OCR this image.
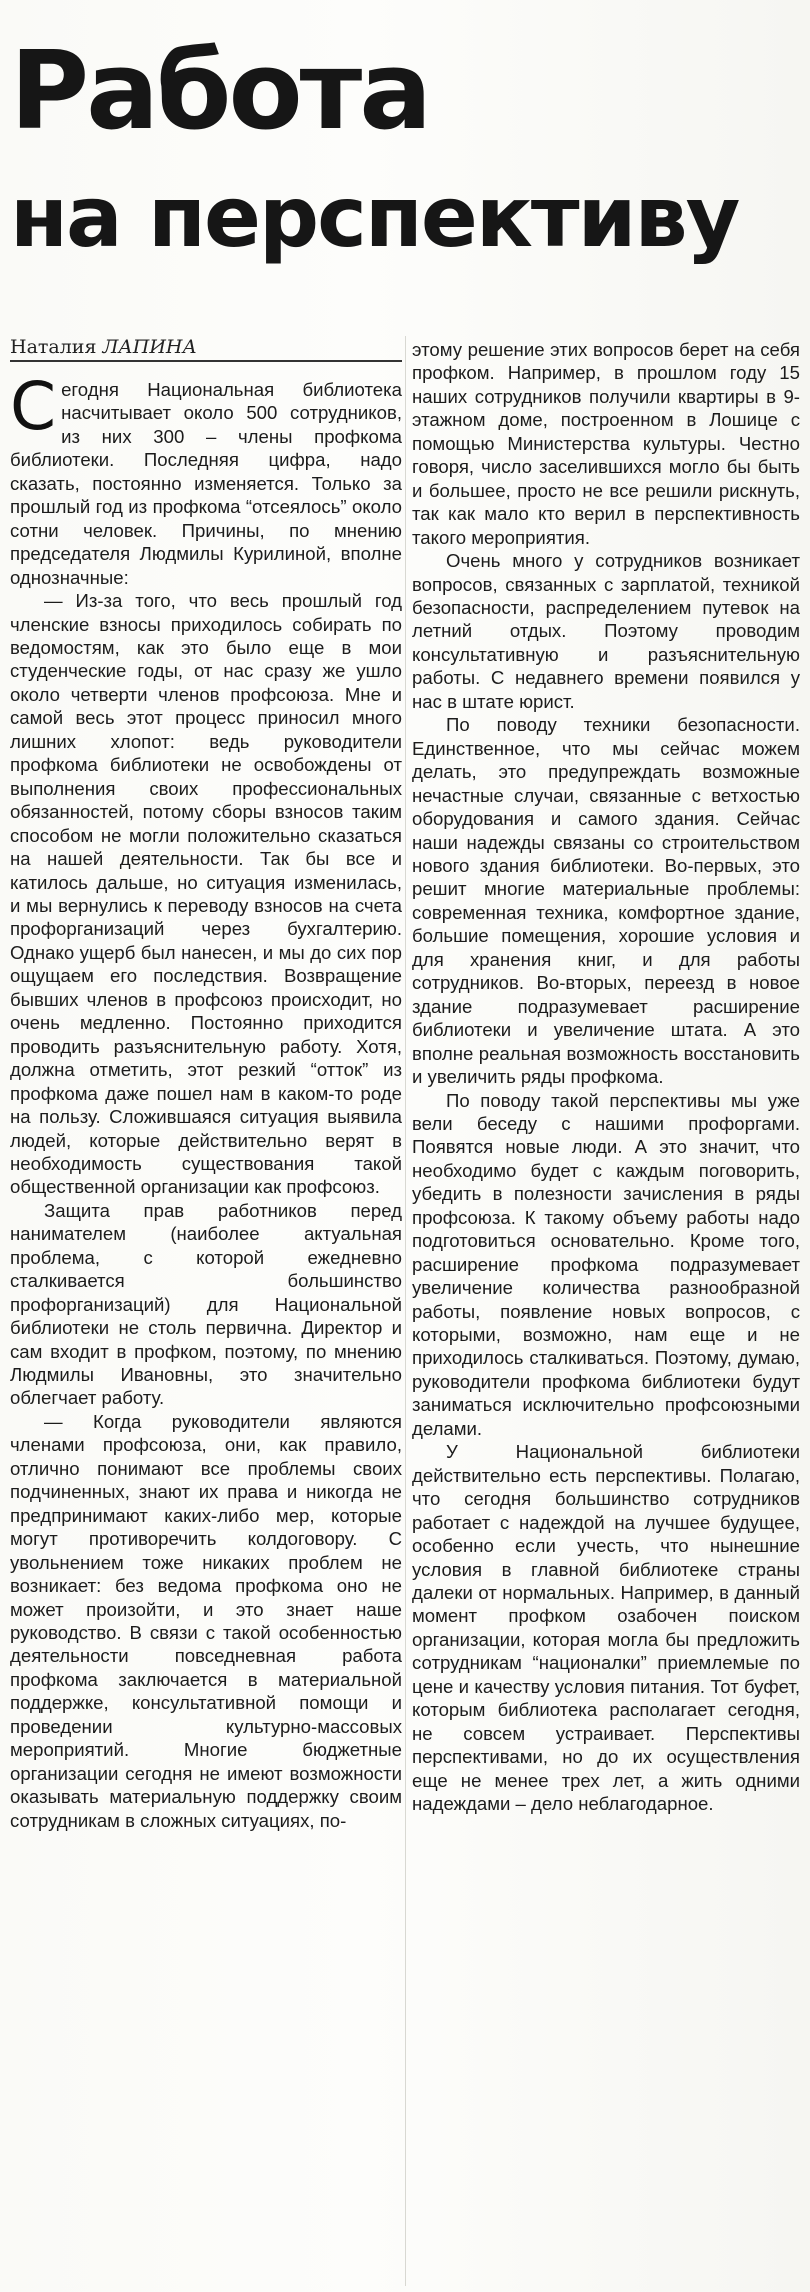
Работа
на перспективу
Наталия ЛАПИНА

Сегодня Национальная библиотека насчитывает около 500 сотрудников, из них 300 – члены профкома библиотеки. Последняя цифра, надо сказать, постоянно изменяется. Только за прошлый год из профкома “отсеялось” около сотни человек. Причины, по мнению председателя Людмилы Курилиной, вполне однозначные:

— Из-за того, что весь прошлый год членские взносы приходилось собирать по ведомостям, как это было еще в мои студенческие годы, от нас сразу же ушло около четверти членов профсоюза. Мне и самой весь этот процесс приносил много лишних хлопот: ведь руководители профкома библиотеки не освобождены от выполнения своих профессиональных обязанностей, потому сборы взносов таким способом не могли положительно сказаться на нашей деятельности. Так бы все и катилось дальше, но ситуация изменилась, и мы вернулись к переводу взносов на счета профорганизаций через бухгалтерию. Однако ущерб был нанесен, и мы до сих пор ощущаем его последствия. Возвращение бывших членов в профсоюз происходит, но очень медленно. Постоянно приходится проводить разъяснительную работу. Хотя, должна отметить, этот резкий “отток” из профкома даже пошел нам в каком-то роде на пользу. Сложившаяся ситуация выявила людей, которые действительно верят в необходимость существования такой общественной организации как профсоюз.

Защита прав работников перед нанимателем (наиболее актуальная проблема, с которой ежедневно сталкивается большинство профорганизаций) для Национальной библиотеки не столь первична. Директор и сам входит в профком, поэтому, по мнению Людмилы Ивановны, это значительно облегчает работу.

— Когда руководители являются членами профсоюза, они, как правило, отлично понимают все проблемы своих подчиненных, знают их права и никогда не предпринимают каких-либо мер, которые могут противоречить колдоговору. С увольнением тоже никаких проблем не возникает: без ведома профкома оно не может произойти, и это знает наше руководство. В связи с такой особенностью деятельности повседневная работа профкома заключается в материальной поддержке, консультативной помощи и проведении культурно-массовых мероприятий. Многие бюджетные организации сегодня не имеют возможности оказывать материальную поддержку своим сотрудникам в сложных ситуациях, по-

этому решение этих вопросов берет на себя профком. Например, в прошлом году 15 наших сотрудников получили квартиры в 9-этажном доме, построенном в Лошице с помощью Министерства культуры. Честно говоря, число заселившихся могло бы быть и большее, просто не все решили рискнуть, так как мало кто верил в перспективность такого мероприятия.

Очень много у сотрудников возникает вопросов, связанных с зарплатой, техникой безопасности, распределением путевок на летний отдых. Поэтому проводим консультативную и разъяснительную работы. С недавнего времени появился у нас в штате юрист.

По поводу техники безопасности. Единственное, что мы сейчас можем делать, это предупреждать возможные нечастные случаи, связанные с ветхостью оборудования и самого здания. Сейчас наши надежды связаны со строительством нового здания библиотеки. Во-первых, это решит многие материальные проблемы: современная техника, комфортное здание, большие помещения, хорошие условия и для хранения книг, и для работы сотрудников. Во-вторых, переезд в новое здание подразумевает расширение библиотеки и увеличение штата. А это вполне реальная возможность восстановить и увеличить ряды профкома.

По поводу такой перспективы мы уже вели беседу с нашими профоргами. Появятся новые люди. А это значит, что необходимо будет с каждым поговорить, убедить в полезности зачисления в ряды профсоюза. К такому объему работы надо подготовиться основательно. Кроме того, расширение профкома подразумевает увеличение количества разнообразной работы, появление новых вопросов, с которыми, возможно, нам еще и не приходилось сталкиваться. Поэтому, думаю, руководители профкома библиотеки будут заниматься исключительно профсоюзными делами.

У Национальной библиотеки действительно есть перспективы. Полагаю, что сегодня большинство сотрудников работает с надеждой на лучшее будущее, особенно если учесть, что нынешние условия в главной библиотеке страны далеки от нормальных. Например, в данный момент профком озабочен поиском организации, которая могла бы предложить сотрудникам “националки” приемлемые по цене и качеству условия питания. Тот буфет, которым библиотека располагает сегодня, не совсем устраивает. Перспективы перспективами, но до их осуществления еще не менее трех лет, а жить одними надеждами – дело неблагодарное.
